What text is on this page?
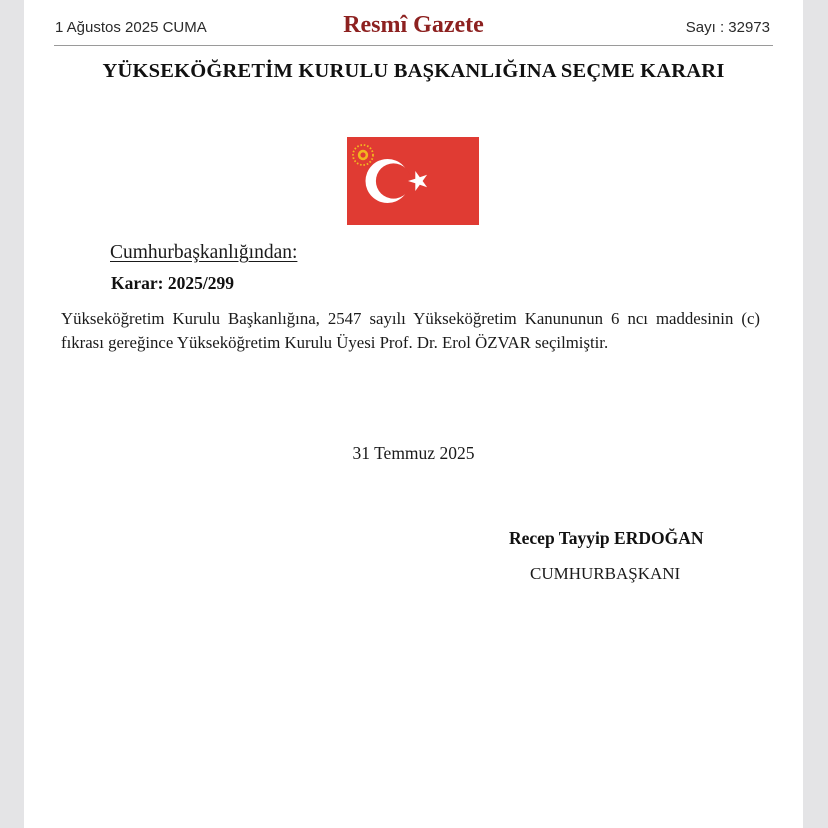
1 Ağustos 2025 CUMA	Resmî Gazete	Sayı : 32973
YÜKSEKÖĞRETİM KURULU BAŞKANLIĞINA SEÇME KARARI
Cumhurbaşkanlığından:
Karar: 2025/299
Yükseköğretim Kurulu Başkanlığına, 2547 sayılı Yükseköğretim Kanununun 6 ncı maddesinin (c) fıkrası gereğince Yükseköğretim Kurulu Üyesi Prof. Dr. Erol ÖZVAR seçilmiştir.
31 Temmuz 2025
Recep Tayyip ERDOĞAN
CUMHURBAŞKANI
